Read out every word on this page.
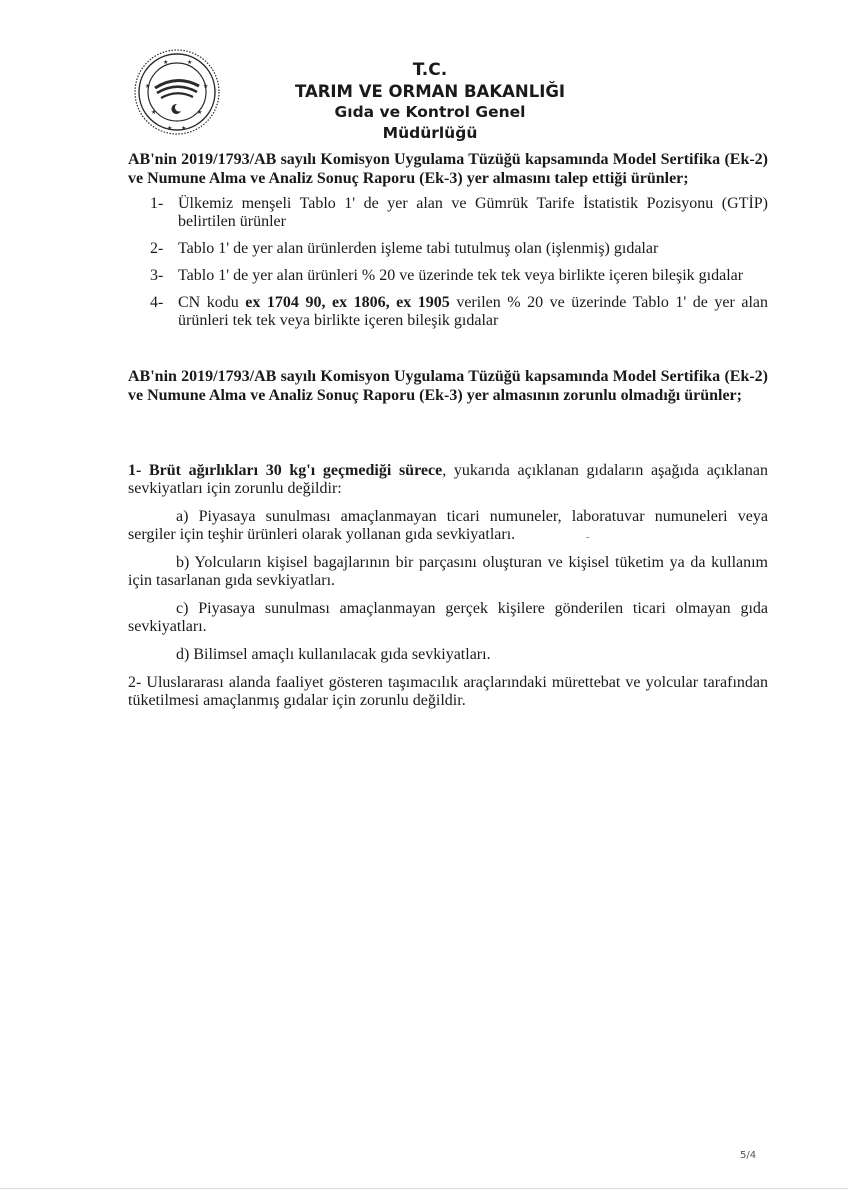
★	★
★	★
★	★
★ ★
T.C.
TARIM VE ORMAN BAKANLIĞI
Gıda ve Kontrol Genel Müdürlüğü

AB'nin 2019/1793/AB sayılı Komisyon Uygulama Tüzüğü kapsamında Model Sertifika (Ek-2) ve Numune Alma ve Analiz Sonuç Raporu (Ek-3) yer almasını talep ettiği ürünler;

1- Ülkemiz menşeli Tablo 1' de yer alan ve Gümrük Tarife İstatistik Pozisyonu (GTİP) belirtilen ürünler

2- Tablo 1' de yer alan ürünlerden işleme tabi tutulmuş olan (işlenmiş) gıdalar

3- Tablo 1' de yer alan ürünleri % 20 ve üzerinde tek tek veya birlikte içeren bileşik gıdalar

4- CN kodu ex 1704 90, ex 1806, ex 1905 verilen % 20 ve üzerinde Tablo 1' de yer alan ürünleri tek tek veya birlikte içeren bileşik gıdalar

AB'nin 2019/1793/AB sayılı Komisyon Uygulama Tüzüğü kapsamında Model Sertifika (Ek-2) ve Numune Alma ve Analiz Sonuç Raporu (Ek-3) yer almasının zorunlu olmadığı ürünler;

1- Brüt ağırlıkları 30 kg'ı geçmediği sürece, yukarıda açıklanan gıdaların aşağıda açıklanan sevkiyatları için zorunlu değildir:

a) Piyasaya sunulması amaçlanmayan ticari numuneler, laboratuvar numuneleri veya sergiler için teşhir ürünleri olarak yollanan gıda sevkiyatları.

b) Yolcuların kişisel bagajlarının bir parçasını oluşturan ve kişisel tüketim ya da kullanım için tasarlanan gıda sevkiyatları.

c) Piyasaya sunulması amaçlanmayan gerçek kişilere gönderilen ticari olmayan gıda sevkiyatları.

d) Bilimsel amaçlı kullanılacak gıda sevkiyatları.

2- Uluslararası alanda faaliyet gösteren taşımacılık araçlarındaki mürettebat ve yolcular tarafından tüketilmesi amaçlanmış gıdalar için zorunlu değildir.

5/4
